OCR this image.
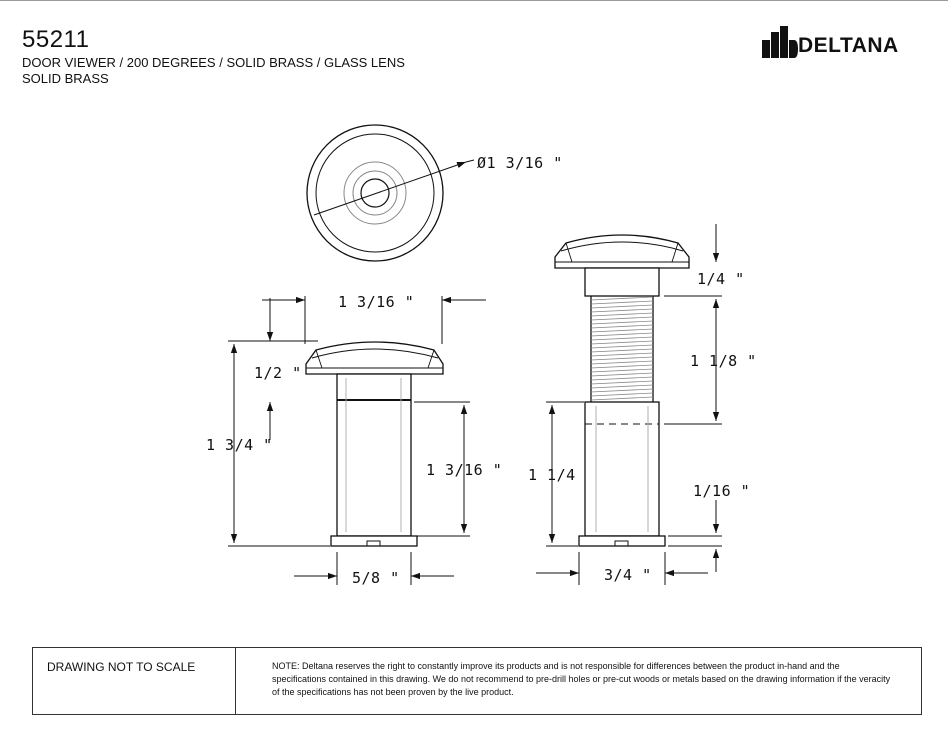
55211
DOOR VIEWER / 200 DEGREES / SOLID BRASS / GLASS LENS
SOLID BRASS
DELTANA
Ø1 3/16 "
1 3/16 "
1/2 "
1 3/4 "
1 3/16 "
5/8 "
1/4 "
1 1/8 "
1 1/4
1/16 "
3/4 "
DRAWING NOT TO SCALE	NOTE: Deltana reserves the right to constantly improve its products and is not responsible for differences between the product in-hand and the specifications contained in this drawing. We do not recommend to pre-drill holes or pre-cut woods or metals based on the drawing information if the veracity of the specifications has not been proven by the live product.
